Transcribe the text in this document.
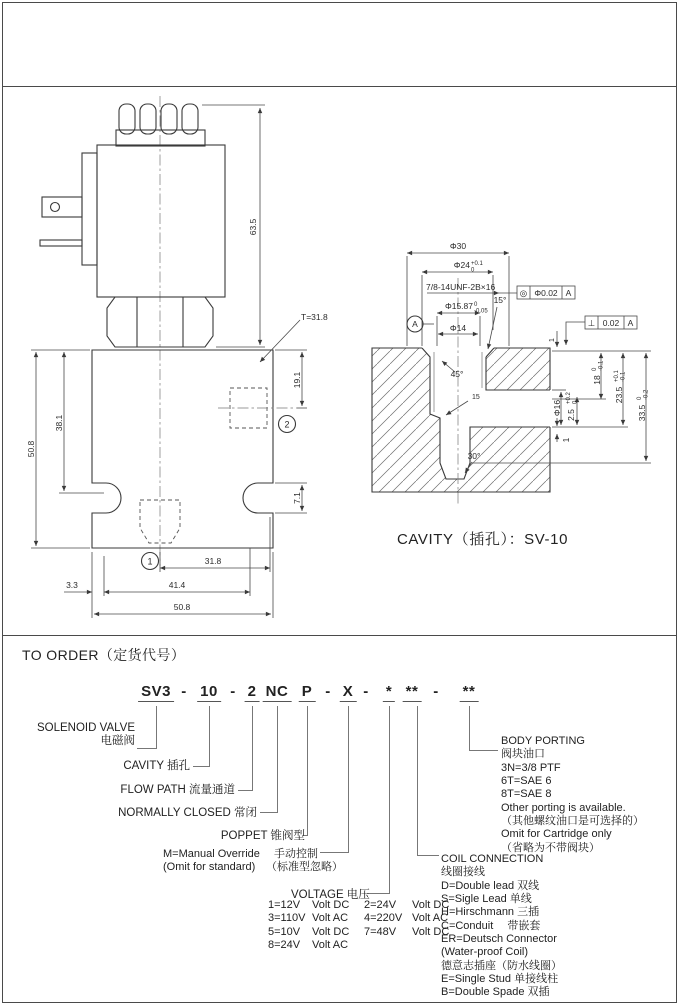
63.5
T=31.8
50.8
38.1
19.1
7.1
31.8
41.4
3.3
50.8
1
2
Φ30
Φ24 +0.1
0
7/8-14UNF-2B×16
Φ15.87 0
-0.05
Φ14
15°
45°
15
30°
A
◎ Φ0.02 A
⊥ 0.02 A
1
Φ16 2.5
+0.2 0
18
0 -0.1
23.5
+0.1 -0.1
33.5
0 -0.2
1
CAVITY（插孔）：SV-10
TO ORDER（定货代号）
SV3 - 10 - 2 NC P - X - * ** - **
SOLENOID VALVE
电磁阀
CAVITY 插孔
FLOW PATH 流量通道
NORMALLY CLOSED 常闭
POPPET 锥阀型
M=Manual Override
(Omit for standard)
手动控制
（标准型忽略）
VOLTAGE 电压
1=12V Volt DC 2=24V Volt DC
3=110V Volt AC 4=220V Volt AC
5=10V Volt DC 7=48V Volt DC
8=24V Volt AC
BODY PORTING
阀块油口
3N=3/8 PTF
6T=SAE 6
8T=SAE 8
Other porting is available.
（其他螺纹油口是可选择的）
Omit for Cartridge only
（省略为不带阀块）
COIL CONNECTION
线圈接线
D=Double lead 双线
S=Sigle Lead 单线
H=Hirschmann 三插
C=Conduit　 带嵌套
ER=Deutsch Connector
(Water-proof Coil)
德意志插座（防水线圈）
E=Single Stud 单接线柱
B=Double Spade 双插
